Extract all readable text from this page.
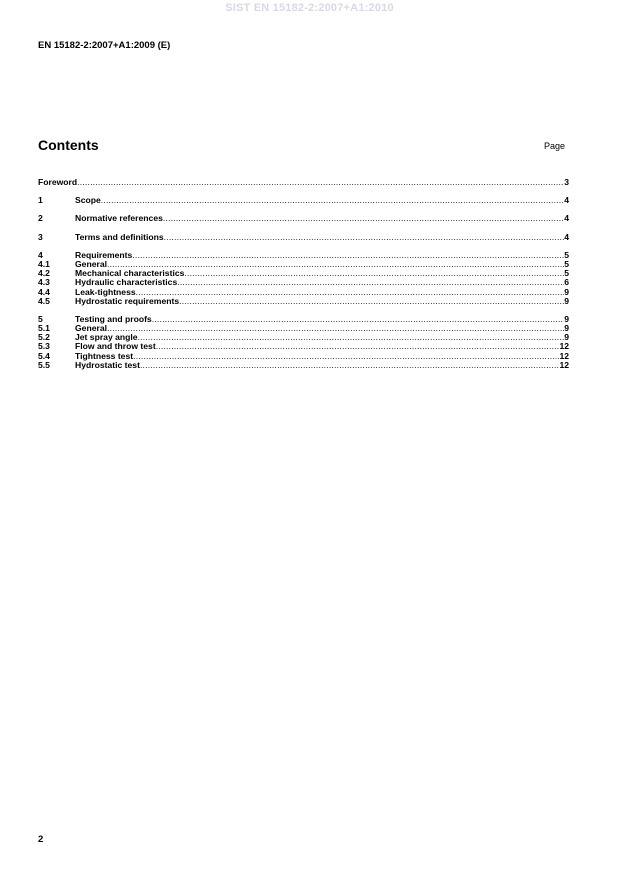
SIST EN 15182-2:2007+A1:2010
EN 15182-2:2007+A1:2009 (E)
Contents	Page
Foreword .....	3
1	Scope .....	4
2	Normative references .....	4
3	Terms and definitions .....	4
4	Requirements .....	5
4.1	General .....	5
4.2	Mechanical characteristics .....	5
4.3	Hydraulic characteristics .....	6
4.4	Leak-tightness .....	9
4.5	Hydrostatic requirements .....	9
5	Testing and proofs .....	9
5.1	General .....	9
5.2	Jet spray angle .....	9
5.3	Flow and throw test .....	12
5.4	Tightness test .....	12
5.5	Hydrostatic test .....	12
2
